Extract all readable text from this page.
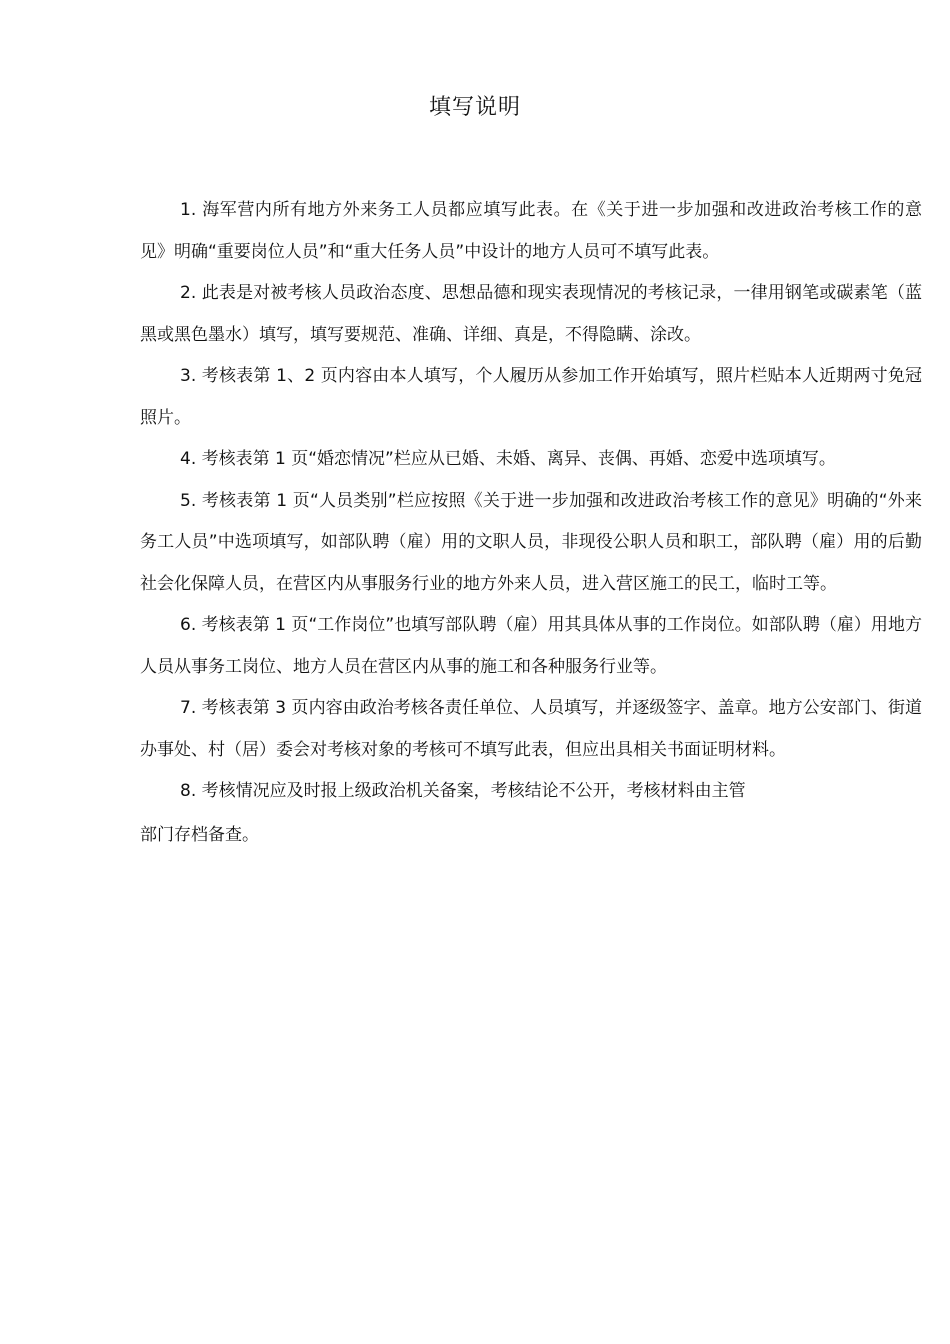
填写说明

1. 海军营内所有地方外来务工人员都应填写此表。在《关于进一步加强和改进政治考核工作的意见》明确“重要岗位人员”和“重大任务人员”中设计的地方人员可不填写此表。

2. 此表是对被考核人员政治态度、思想品德和现实表现情况的考核记录，一律用钢笔或碳素笔（蓝黑或黑色墨水）填写，填写要规范、准确、详细、真是，不得隐瞒、涂改。

3. 考核表第 1、2 页内容由本人填写，个人履历从参加工作开始填写，照片栏贴本人近期两寸免冠照片。

4. 考核表第 1 页“婚恋情况”栏应从已婚、未婚、离异、丧偶、再婚、恋爱中选项填写。

5. 考核表第 1 页“人员类别”栏应按照《关于进一步加强和改进政治考核工作的意见》明确的“外来务工人员”中选项填写，如部队聘（雇）用的文职人员，非现役公职人员和职工，部队聘（雇）用的后勤社会化保障人员，在营区内从事服务行业的地方外来人员，进入营区施工的民工，临时工等。

6. 考核表第 1 页“工作岗位”也填写部队聘（雇）用其具体从事的工作岗位。如部队聘（雇）用地方人员从事务工岗位、地方人员在营区内从事的施工和各种服务行业等。

7. 考核表第 3 页内容由政治考核各责任单位、人员填写，并逐级签字、盖章。地方公安部门、街道办事处、村（居）委会对考核对象的考核可不填写此表，但应出具相关书面证明材料。

8. 考核情况应及时报上级政治机关备案，考核结论不公开，考核材料由主管

部门存档备查。
